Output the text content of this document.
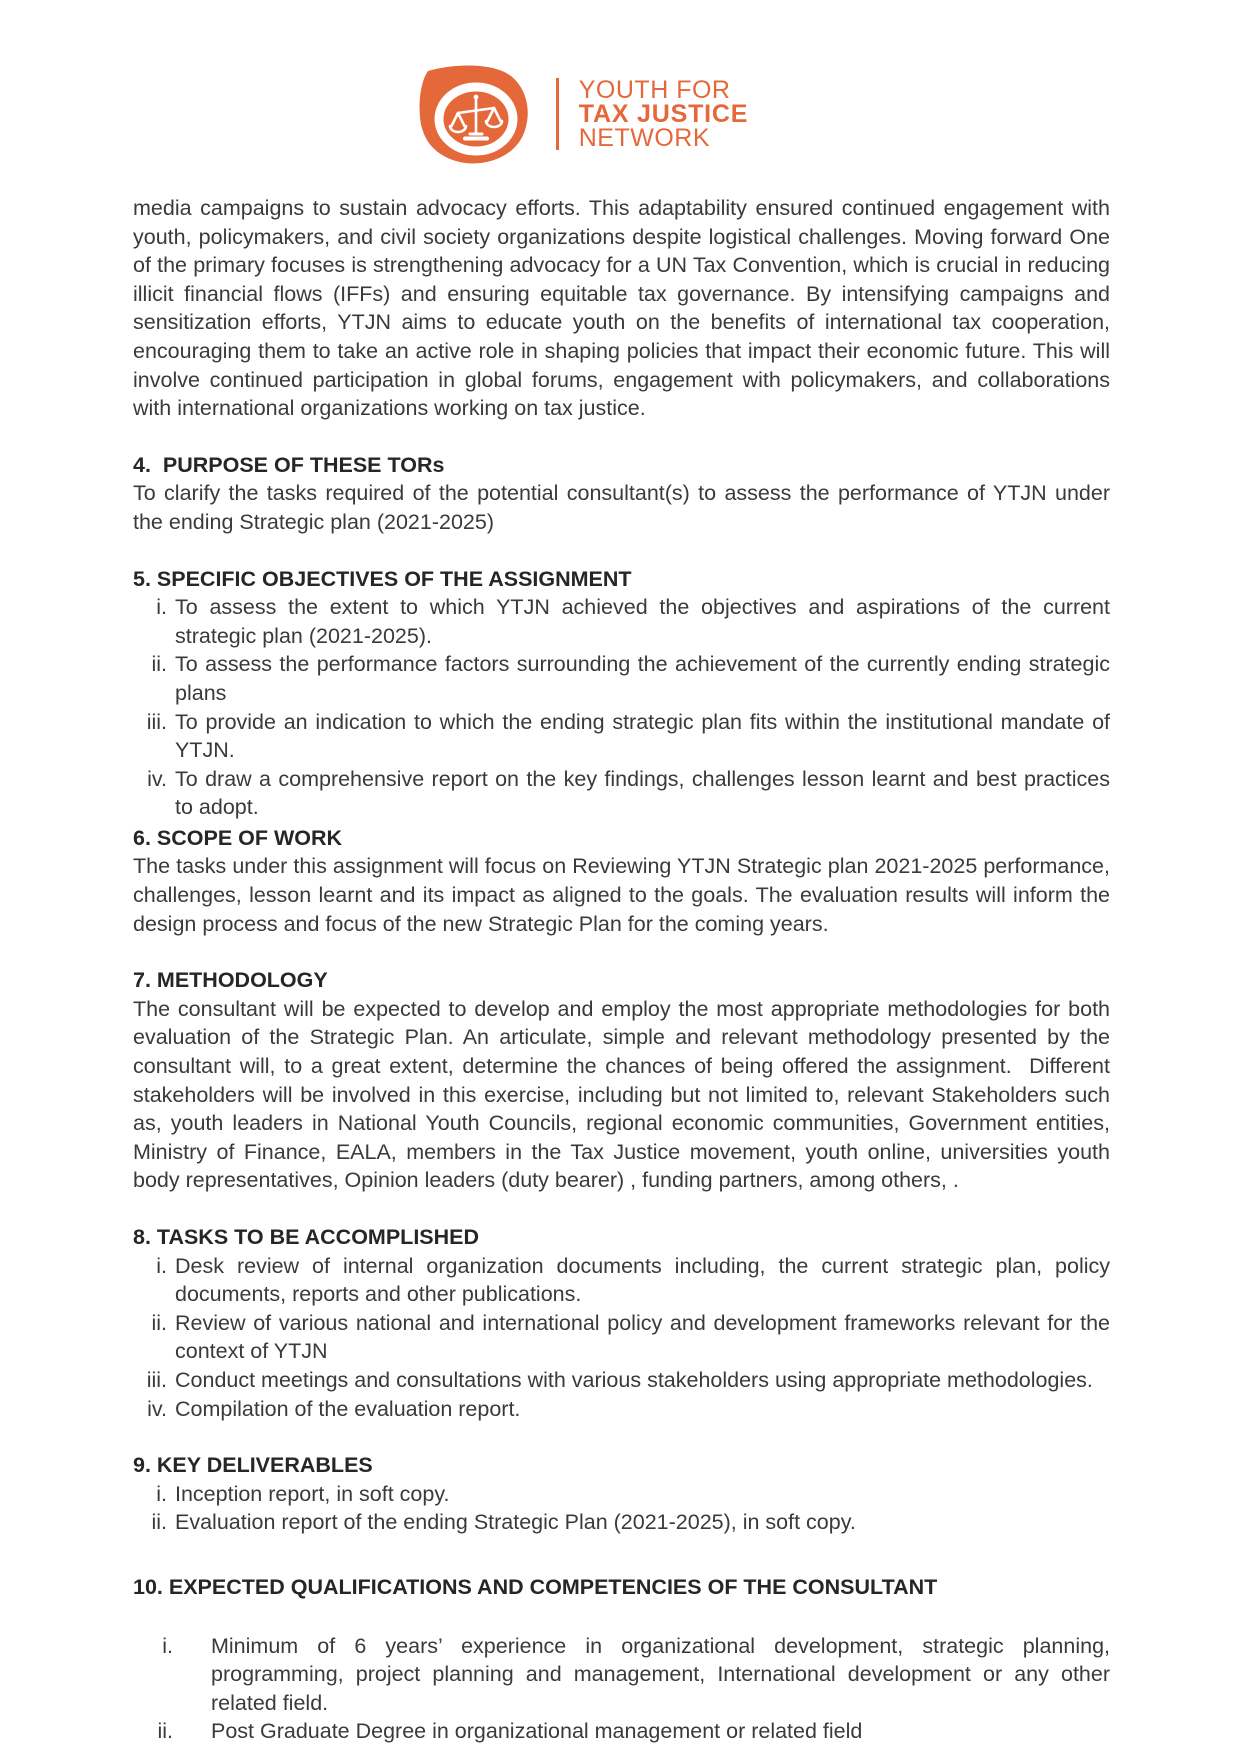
YOUTH FOR
TAX JUSTICE
NETWORK

media campaigns to sustain advocacy efforts. This adaptability ensured continued engagement with youth, policymakers, and civil society organizations despite logistical challenges. Moving forward One of the primary focuses is strengthening advocacy for a UN Tax Convention, which is crucial in reducing illicit financial flows (IFFs) and ensuring equitable tax governance. By intensifying campaigns and sensitization efforts, YTJN aims to educate youth on the benefits of international tax cooperation, encouraging them to take an active role in shaping policies that impact their economic future. This will involve continued participation in global forums, engagement with policymakers, and collaborations with international organizations working on tax justice.

4.  PURPOSE OF THESE TORs

To clarify the tasks required of the potential consultant(s) to assess the performance of YTJN under the ending Strategic plan (2021-2025)

5. SPECIFIC OBJECTIVES OF THE ASSIGNMENT
i. To assess the extent to which YTJN achieved the objectives and aspirations of the current strategic plan (2021-2025).
ii. To assess the performance factors surrounding the achievement of the currently ending strategic plans
iii. To provide an indication to which the ending strategic plan fits within the institutional mandate of YTJN.
iv. To draw a comprehensive report on the key findings, challenges lesson learnt and best practices to adopt.
6. SCOPE OF WORK

The tasks under this assignment will focus on Reviewing YTJN Strategic plan 2021-2025 performance, challenges, lesson learnt and its impact as aligned to the goals. The evaluation results will inform the design process and focus of the new Strategic Plan for the coming years.

7. METHODOLOGY

The consultant will be expected to develop and employ the most appropriate methodologies for both evaluation of the Strategic Plan. An articulate, simple and relevant methodology presented by the consultant will, to a great extent, determine the chances of being offered the assignment.  Different stakeholders will be involved in this exercise, including but not limited to, relevant Stakeholders such as, youth leaders in National Youth Councils, regional economic communities, Government entities, Ministry of Finance, EALA, members in the Tax Justice movement, youth online, universities youth body representatives, Opinion leaders (duty bearer) , funding partners, among others, .

8. TASKS TO BE ACCOMPLISHED
i. Desk review of internal organization documents including, the current strategic plan, policy documents, reports and other publications.
ii. Review of various national and international policy and development frameworks relevant for the context of YTJN
iii. Conduct meetings and consultations with various stakeholders using appropriate methodologies.
iv. Compilation of the evaluation report.
9. KEY DELIVERABLES
i. Inception report, in soft copy.
ii. Evaluation report of the ending Strategic Plan (2021-2025), in soft copy.
10. EXPECTED QUALIFICATIONS AND COMPETENCIES OF THE CONSULTANT
i. Minimum of 6 years’ experience in organizational development, strategic planning, programming, project planning and management, International development or any other related field.
ii. Post Graduate Degree in organizational management or related field
